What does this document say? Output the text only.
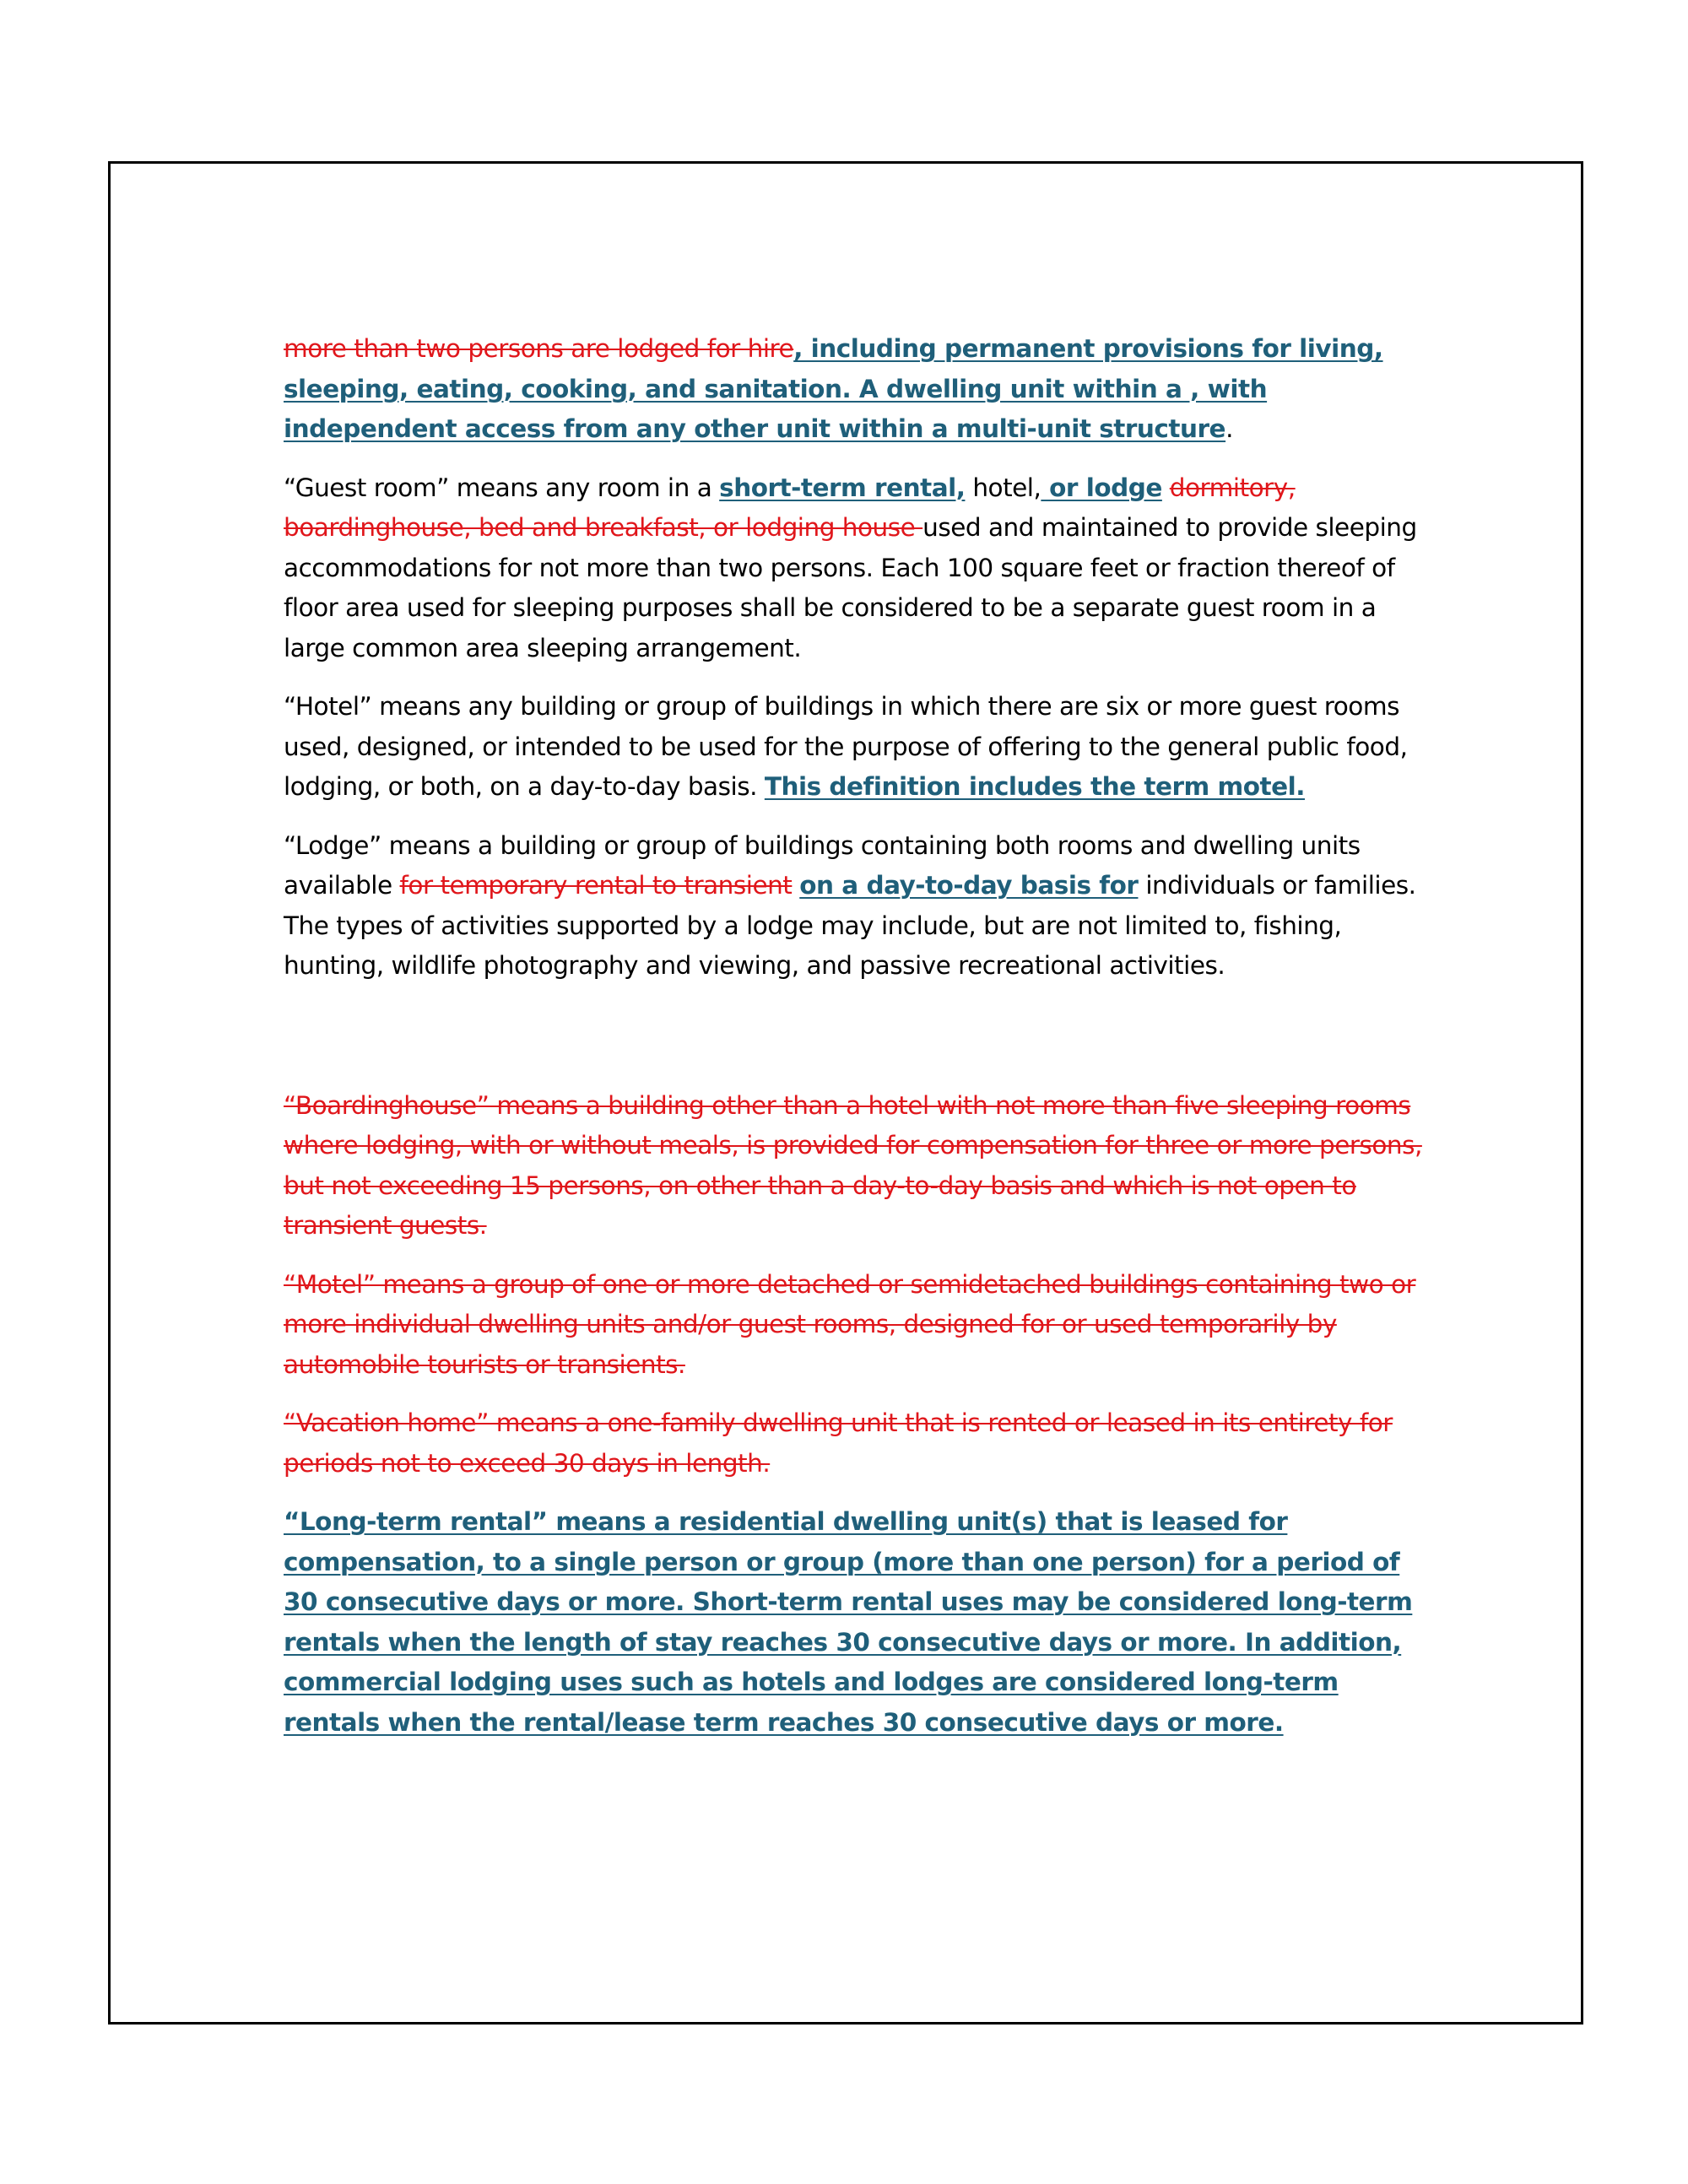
more than two persons are lodged for hire, including permanent provisions for living, sleeping, eating, cooking, and sanitation. A dwelling unit within a , with independent access from any other unit within a multi-unit structure.

“Guest room” means any room in a short-term rental, hotel, or lodge dormitory, boardinghouse, bed and breakfast, or lodging house used and maintained to provide sleeping accommodations for not more than two persons. Each 100 square feet or fraction thereof of floor area used for sleeping purposes shall be considered to be a separate guest room in a large common area sleeping arrangement.

“Hotel” means any building or group of buildings in which there are six or more guest rooms used, designed, or intended to be used for the purpose of offering to the general public food, lodging, or both, on a day-to-day basis. This definition includes the term motel.

“Lodge” means a building or group of buildings containing both rooms and dwelling units available for temporary rental to transient on a day-to-day basis for individuals or families. The types of activities supported by a lodge may include, but are not limited to, fishing, hunting, wildlife photography and viewing, and passive recreational activities.

“Boardinghouse” means a building other than a hotel with not more than five sleeping rooms where lodging, with or without meals, is provided for compensation for three or more persons, but not exceeding 15 persons, on other than a day-to-day basis and which is not open to transient guests.

“Motel” means a group of one or more detached or semidetached buildings containing two or more individual dwelling units and/or guest rooms, designed for or used temporarily by automobile tourists or transients.

“Vacation home” means a one-family dwelling unit that is rented or leased in its entirety for periods not to exceed 30 days in length.

“Long-term rental” means a residential dwelling unit(s) that is leased for compensation, to a single person or group (more than one person) for a period of 30 consecutive days or more. Short-term rental uses may be considered long-term rentals when the length of stay reaches 30 consecutive days or more. In addition, commercial lodging uses such as hotels and lodges are considered long-term rentals when the rental/lease term reaches 30 consecutive days or more.
